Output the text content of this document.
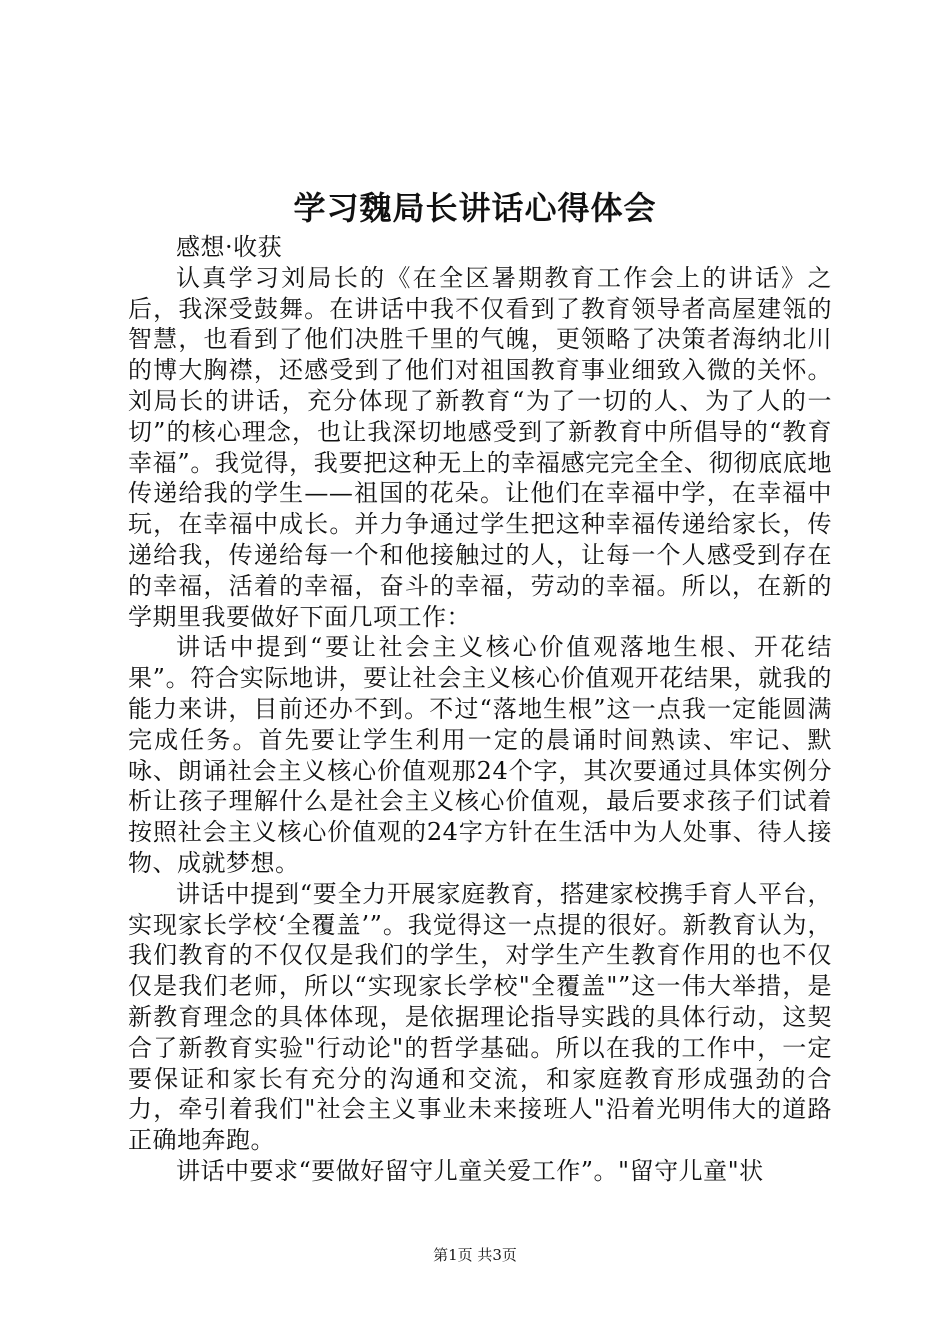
学习魏局长讲话心得体会

感想·收获

认真学习刘局长的《在全区暑期教育工作会上的讲话》之后，我深受鼓舞。在讲话中我不仅看到了教育领导者高屋建瓴的智慧，也看到了他们决胜千里的气魄，更领略了决策者海纳北川的博大胸襟，还感受到了他们对祖国教育事业细致入微的关怀。刘局长的讲话，充分体现了新教育“为了一切的人、为了人的一切”的核心理念，也让我深切地感受到了新教育中所倡导的“教育幸福”。我觉得，我要把这种无上的幸福感完完全全、彻彻底底地传递给我的学生——祖国的花朵。让他们在幸福中学，在幸福中玩，在幸福中成长。并力争通过学生把这种幸福传递给家长，传递给我，传递给每一个和他接触过的人，让每一个人感受到存在的幸福，活着的幸福，奋斗的幸福，劳动的幸福。所以，在新的学期里我要做好下面几项工作：

讲话中提到“要让社会主义核心价值观落地生根、开花结果”。符合实际地讲，要让社会主义核心价值观开花结果，就我的能力来讲，目前还办不到。不过“落地生根”这一点我一定能圆满完成任务。首先要让学生利用一定的晨诵时间熟读、牢记、默咏、朗诵社会主义核心价值观那24个字，其次要通过具体实例分析让孩子理解什么是社会主义核心价值观，最后要求孩子们试着按照社会主义核心价值观的24字方针在生活中为人处事、待人接物、成就梦想。

讲话中提到“要全力开展家庭教育，搭建家校携手育人平台，实现家长学校‘全覆盖’”。我觉得这一点提的很好。新教育认为，我们教育的不仅仅是我们的学生，对学生产生教育作用的也不仅仅是我们老师，所以“实现家长学校"全覆盖"”这一伟大举措，是新教育理念的具体体现，是依据理论指导实践的具体行动，这契合了新教育实验"行动论"的哲学基础。所以在我的工作中，一定要保证和家长有充分的沟通和交流，和家庭教育形成强劲的合力，牵引着我们"社会主义事业未来接班人"沿着光明伟大的道路正确地奔跑。

讲话中要求“要做好留守儿童关爱工作”。"留守儿童"状

第1页 共3页
